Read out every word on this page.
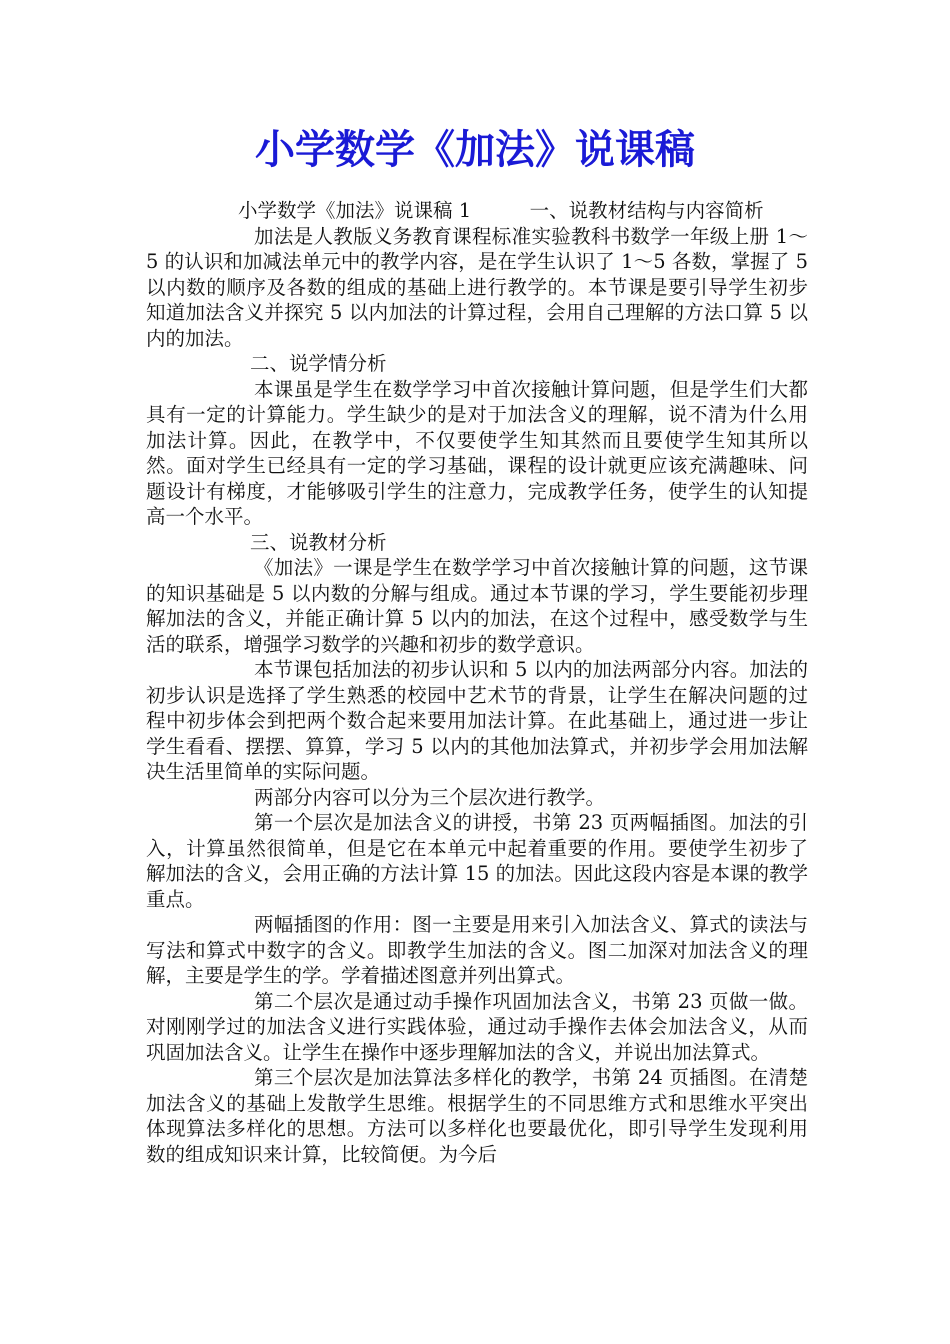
小学数学《加法》说课稿

小学数学《加法》说课稿 1　　　一、说教材结构与内容简析

加法是人教版义务教育课程标准实验教科书数学一年级上册 1～5 的认识和加减法单元中的教学内容，是在学生认识了 1～5 各数，掌握了 5 以内数的顺序及各数的组成的基础上进行教学的。本节课是要引导学生初步知道加法含义并探究 5 以内加法的计算过程，会用自己理解的方法口算 5 以内的加法。

二、说学情分析

本课虽是学生在数学学习中首次接触计算问题，但是学生们大都具有一定的计算能力。学生缺少的是对于加法含义的理解，说不清为什么用加法计算。因此，在教学中，不仅要使学生知其然而且要使学生知其所以然。面对学生已经具有一定的学习基础，课程的设计就更应该充满趣味、问题设计有梯度，才能够吸引学生的注意力，完成教学任务，使学生的认知提高一个水平。

三、说教材分析

《加法》一课是学生在数学学习中首次接触计算的问题，这节课的知识基础是 5 以内数的分解与组成。通过本节课的学习，学生要能初步理解加法的含义，并能正确计算 5 以内的加法，在这个过程中，感受数学与生活的联系，增强学习数学的兴趣和初步的数学意识。

本节课包括加法的初步认识和 5 以内的加法两部分内容。加法的初步认识是选择了学生熟悉的校园中艺术节的背景，让学生在解决问题的过程中初步体会到把两个数合起来要用加法计算。在此基础上，通过进一步让学生看看、摆摆、算算，学习 5 以内的其他加法算式，并初步学会用加法解决生活里简单的实际问题。

两部分内容可以分为三个层次进行教学。

第一个层次是加法含义的讲授，书第 23 页两幅插图。加法的引入，计算虽然很简单，但是它在本单元中起着重要的作用。要使学生初步了解加法的含义，会用正确的方法计算 15 的加法。因此这段内容是本课的教学重点。

两幅插图的作用：图一主要是用来引入加法含义、算式的读法与写法和算式中数字的含义。即教学生加法的含义。图二加深对加法含义的理解，主要是学生的学。学着描述图意并列出算式。

第二个层次是通过动手操作巩固加法含义，书第 23 页做一做。对刚刚学过的加法含义进行实践体验，通过动手操作去体会加法含义，从而巩固加法含义。让学生在操作中逐步理解加法的含义，并说出加法算式。

第三个层次是加法算法多样化的教学，书第 24 页插图。在清楚加法含义的基础上发散学生思维。根据学生的不同思维方式和思维水平突出体现算法多样化的思想。方法可以多样化也要最优化，即引导学生发现利用数的组成知识来计算，比较简便。为今后
